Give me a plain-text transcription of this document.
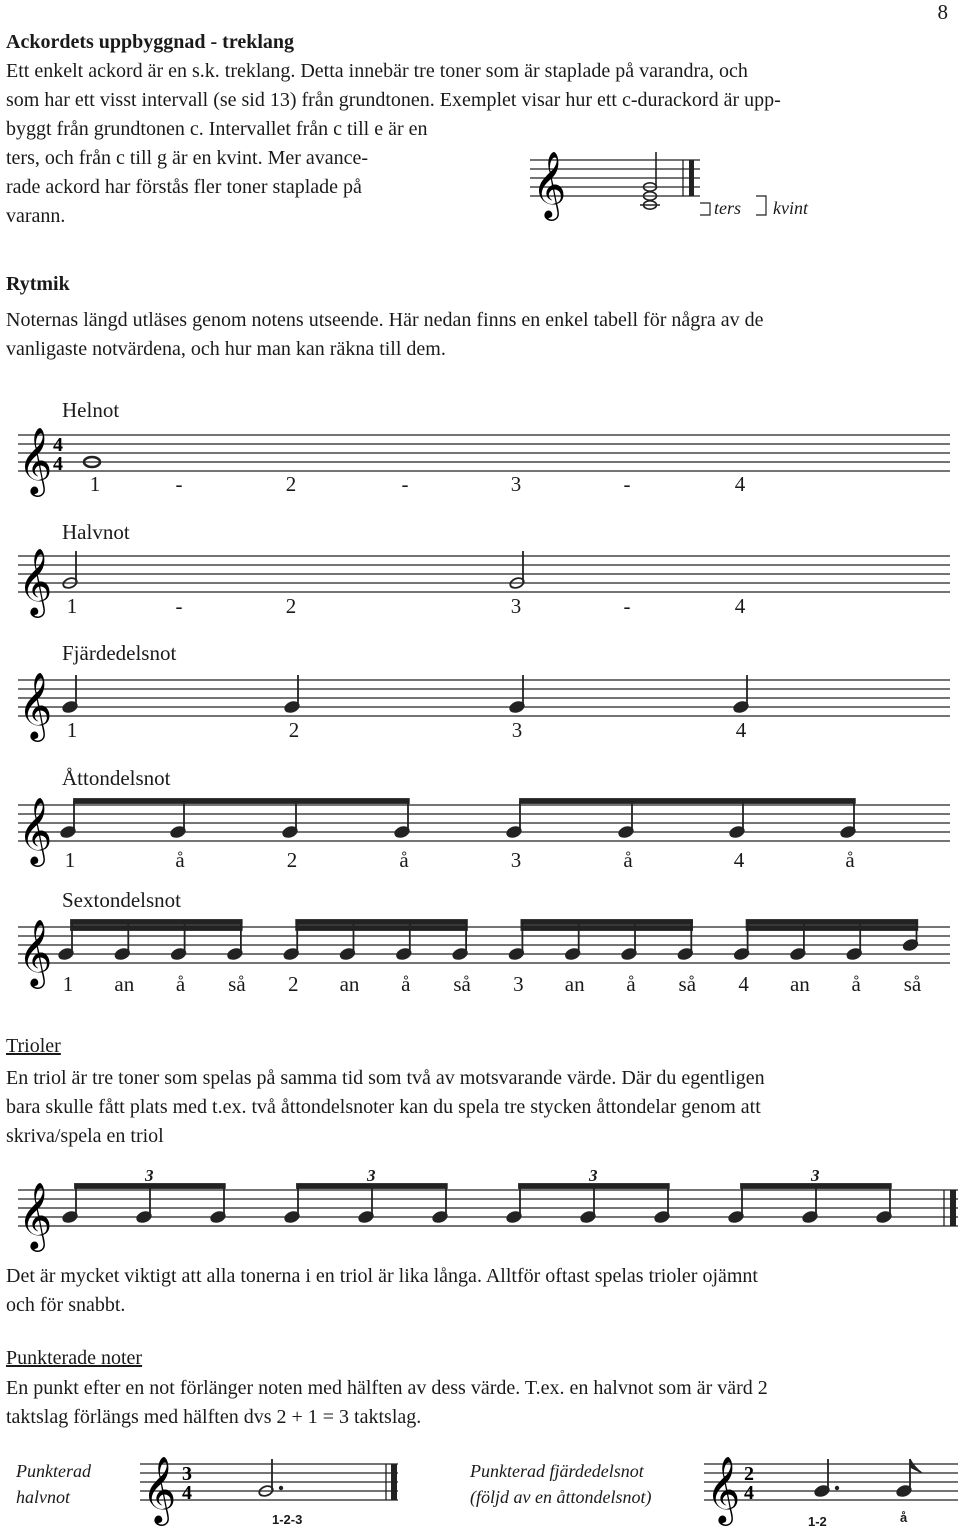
8
Ackordets uppbyggnad - treklang
Ett enkelt ackord är en s.k. treklang. Detta innebär tre toner som är staplade på varandra, och
som har ett visst intervall (se sid 13) från grundtonen. Exemplet visar hur ett c-durackord är upp-
byggt från grundtonen c. Intervallet från c till e är en
ters, och från c till g är en kvint. Mer avance-
rade ackord har förstås fler toner staplade på
varann.	𝄞	ters kvint
Rytmik
Noternas längd utläses genom notens utseende. Här nedan finns en enkel tabell för några av de
vanligaste notvärdena, och hur man kan räkna till dem.
Helnot
Halvnot
Fjärdedelsnot
Åttondelsnot
Sextondelsnot
𝄞 4
4
1	-	2	-	3	-	4
𝄞 1	-	2	3	-	4
𝄞 1	2	3	4
𝄞 1	å	2	å	3	å	4	å
𝄞 1 an å så 2 an å så 3 an å så 4 an å så
Trioler
En triol är tre toner som spelas på samma tid som två av motsvarande värde. Där du egentligen
bara skulle fått plats med t.ex. två åttondelsnoter kan du spela tre stycken åttondelar genom att
skriva/spela en triol
𝄞
3	3	3	3
Det är mycket viktigt att alla tonerna i en triol är lika långa. Alltför oftast spelas trioler ojämnt
och för snabbt.
Punkterade noter
En punkt efter en not förlänger noten med hälften av dess värde. T.ex. en halvnot som är värd 2
taktslag förlängs med hälften dvs 2 + 1 = 3 taktslag.
Punkterad
halvnot	𝄞 3
4
1-2-3
Punkterad fjärdedelsnot
(följd av en åttondelsnot) 𝄞 2
4
1-2	å
